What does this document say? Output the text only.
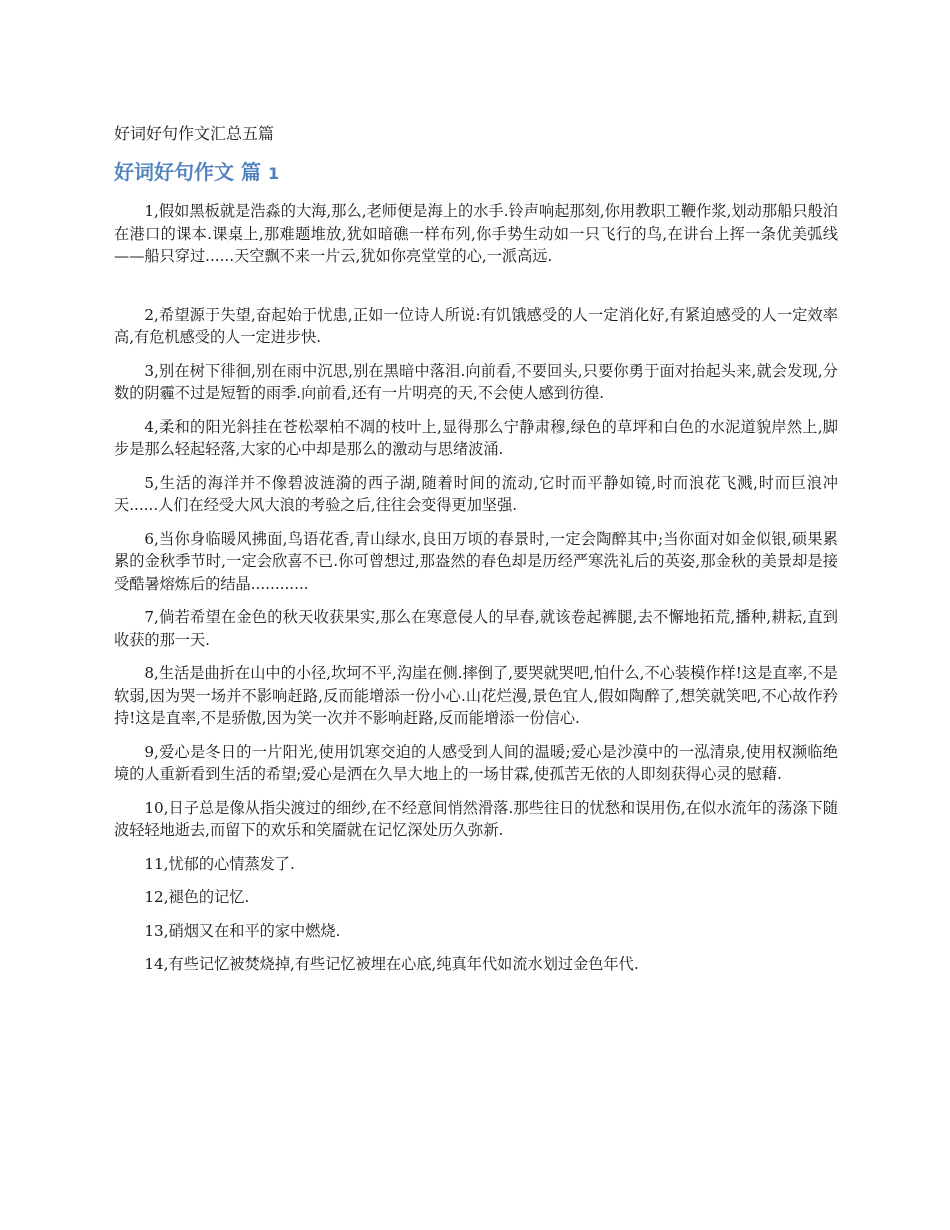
好词好句作文汇总五篇
好词好句作文 篇 1

1,假如黑板就是浩淼的大海,那么,老师便是海上的水手.铃声响起那刻,你用教职工鞭作浆,划动那船只般泊在港口的课本.课桌上,那难题堆放,犹如暗礁一样布列,你手势生动如一只飞行的鸟,在讲台上挥一条优美弧线——船只穿过......天空飘不来一片云,犹如你亮堂堂的心,一派高远.

2,希望源于失望,奋起始于忧患,正如一位诗人所说:有饥饿感受的人一定消化好,有紧迫感受的人一定效率高,有危机感受的人一定进步快.

3,别在树下徘徊,别在雨中沉思,别在黑暗中落泪.向前看,不要回头,只要你勇于面对抬起头来,就会发现,分数的阴霾不过是短暂的雨季.向前看,还有一片明亮的天,不会使人感到彷徨.

4,柔和的阳光斜挂在苍松翠柏不凋的枝叶上,显得那么宁静肃穆,绿色的草坪和白色的水泥道貌岸然上,脚步是那么轻起轻落,大家的心中却是那么的激动与思绪波涌.

5,生活的海洋并不像碧波涟漪的西子湖,随着时间的流动,它时而平静如镜,时而浪花飞溅,时而巨浪冲天......人们在经受大风大浪的考验之后,往往会变得更加坚强.

6,当你身临暖风拂面,鸟语花香,青山绿水,良田万顷的春景时,一定会陶醉其中;当你面对如金似银,硕果累累的金秋季节时,一定会欣喜不已.你可曾想过,那盎然的春色却是历经严寒洗礼后的英姿,那金秋的美景却是接受酷暑熔炼后的结晶............

7,倘若希望在金色的秋天收获果实,那么在寒意侵人的早春,就该卷起裤腿,去不懈地拓荒,播种,耕耘,直到收获的那一天.

8,生活是曲折在山中的小径,坎坷不平,沟崖在侧.摔倒了,要哭就哭吧,怕什么,不心装模作样!这是直率,不是软弱,因为哭一场并不影响赶路,反而能增添一份小心.山花烂漫,景色宜人,假如陶醉了,想笑就笑吧,不心故作矜持!这是直率,不是骄傲,因为笑一次并不影响赶路,反而能增添一份信心.

9,爱心是冬日的一片阳光,使用饥寒交迫的人感受到人间的温暖;爱心是沙漠中的一泓清泉,使用权濒临绝境的人重新看到生活的希望;爱心是洒在久旱大地上的一场甘霖,使孤苦无依的人即刻获得心灵的慰藉.

10,日子总是像从指尖渡过的细纱,在不经意间悄然滑落.那些往日的忧愁和误用伤,在似水流年的荡涤下随波轻轻地逝去,而留下的欢乐和笑靥就在记忆深处历久弥新.

11,忧郁的心情蒸发了.

12,褪色的记忆.

13,硝烟又在和平的家中燃烧.

14,有些记忆被焚烧掉,有些记忆被埋在心底,纯真年代如流水划过金色年代.
